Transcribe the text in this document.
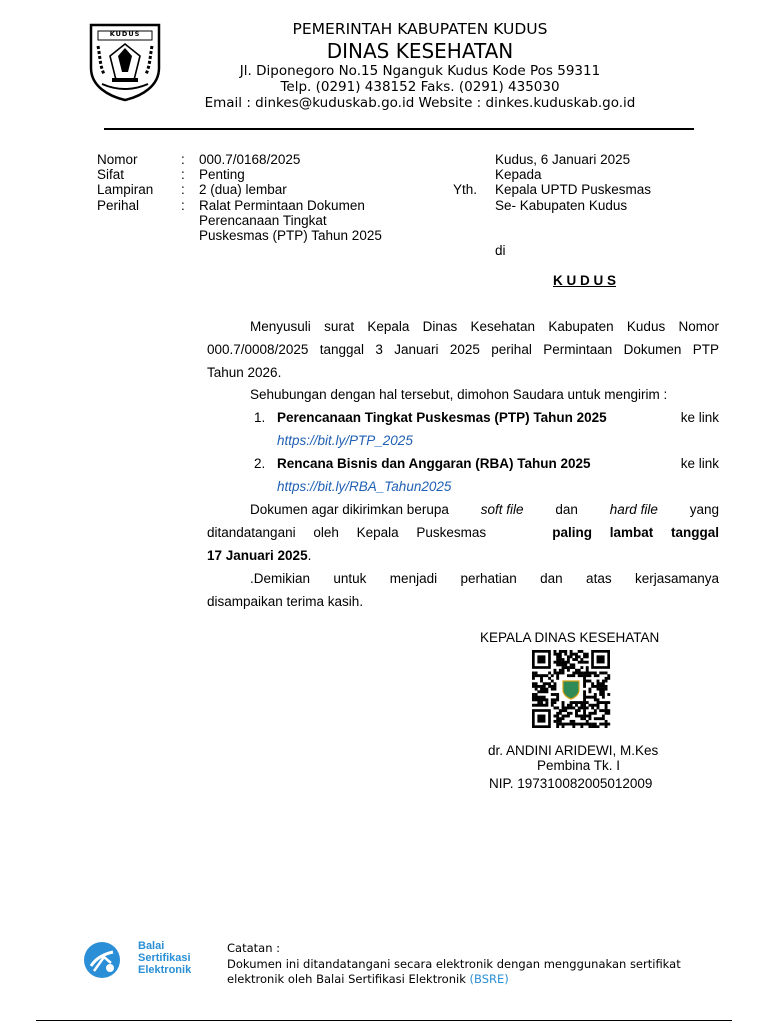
KUDUS	PEMERINTAH KABUPATEN KUDUS
DINAS KESEHATAN
Jl. Diponegoro No.15 Nganguk Kudus Kode Pos 59311
Telp. (0291) 438152 Faks. (0291) 435030
Email : dinkes@kuduskab.go.id Website : dinkes.kuduskab.go.id
Nomor	: 000.7/0168/2025
Sifat	: Penting
Lampiran : 2 (dua) lembar
Perihal	: Ralat Permintaan Dokumen
Perencanaan Tingkat
Puskesmas (PTP) Tahun 2025
Kudus, 6 Januari 2025
Kepada
Yth. Kepala UPTD Puskesmas
Se- Kabupaten Kudus
di
K U D U S
Menyusuli surat Kepala Dinas Kesehatan Kabupaten Kudus Nomor
000.7/0008/2025 tanggal 3 Januari 2025 perihal Permintaan Dokumen PTP
Tahun 2026.
Sehubungan dengan hal tersebut, dimohon Saudara untuk mengirim :
1. Perencanaan Tingkat Puskesmas (PTP) Tahun 2025	ke link
https://bit.ly/PTP_2025
2. Rencana Bisnis dan Anggaran (RBA) Tahun 2025	ke link
https://bit.ly/RBA_Tahun2025
Dokumen agar dikirimkan berupa soft file dan hard file yang
ditandatangani oleh Kepala Puskesmas	paling lambat tanggal
17 Januari 2025.
.Demikian untuk menjadi perhatian dan atas kerjasamanya
disampaikan terima kasih.
KEPALA DINAS KESEHATAN
dr. ANDINI ARIDEWI, M.Kes
Pembina Tk. I
NIP. 197310082005012009
Balai
Sertifikasi
Elektronik
Catatan :
Dokumen ini ditandatangani secara elektronik dengan menggunakan sertifikat
elektronik oleh Balai Sertifikasi Elektronik (BSRE)
